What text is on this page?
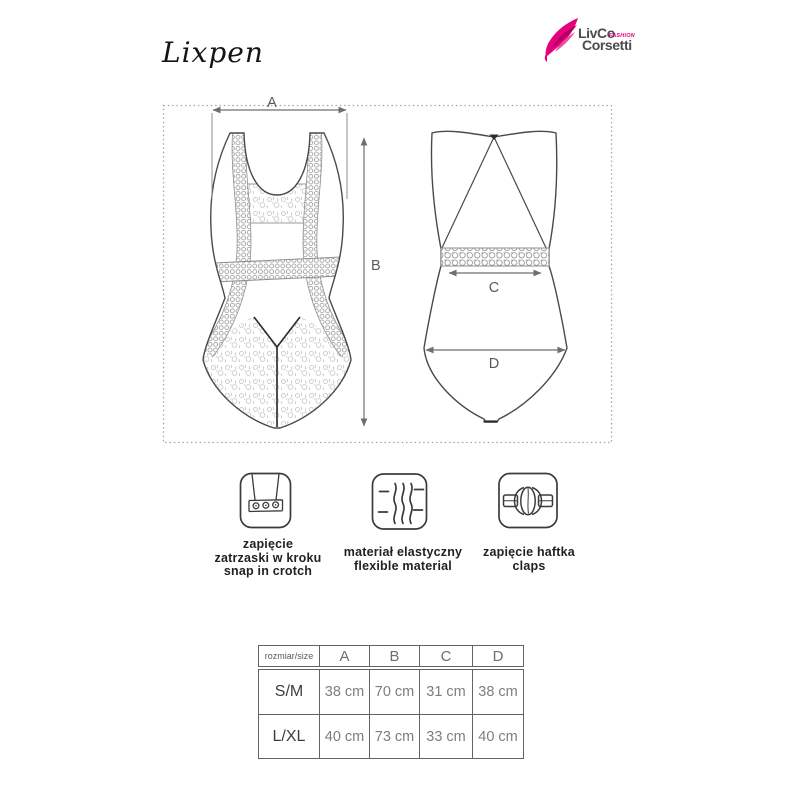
Lixpen
LivCo
FASHION
Corsetti
A
B
C
D
zapięcie
zatrzaski w kroku
snap in crotch
materiał elastyczny
flexible material
zapięcie haftka
claps
rozmiar/size	A	B	C	D
S/M	38 cm 70 cm 31 cm 38 cm
L/XL	40 cm 73 cm 33 cm 40 cm
